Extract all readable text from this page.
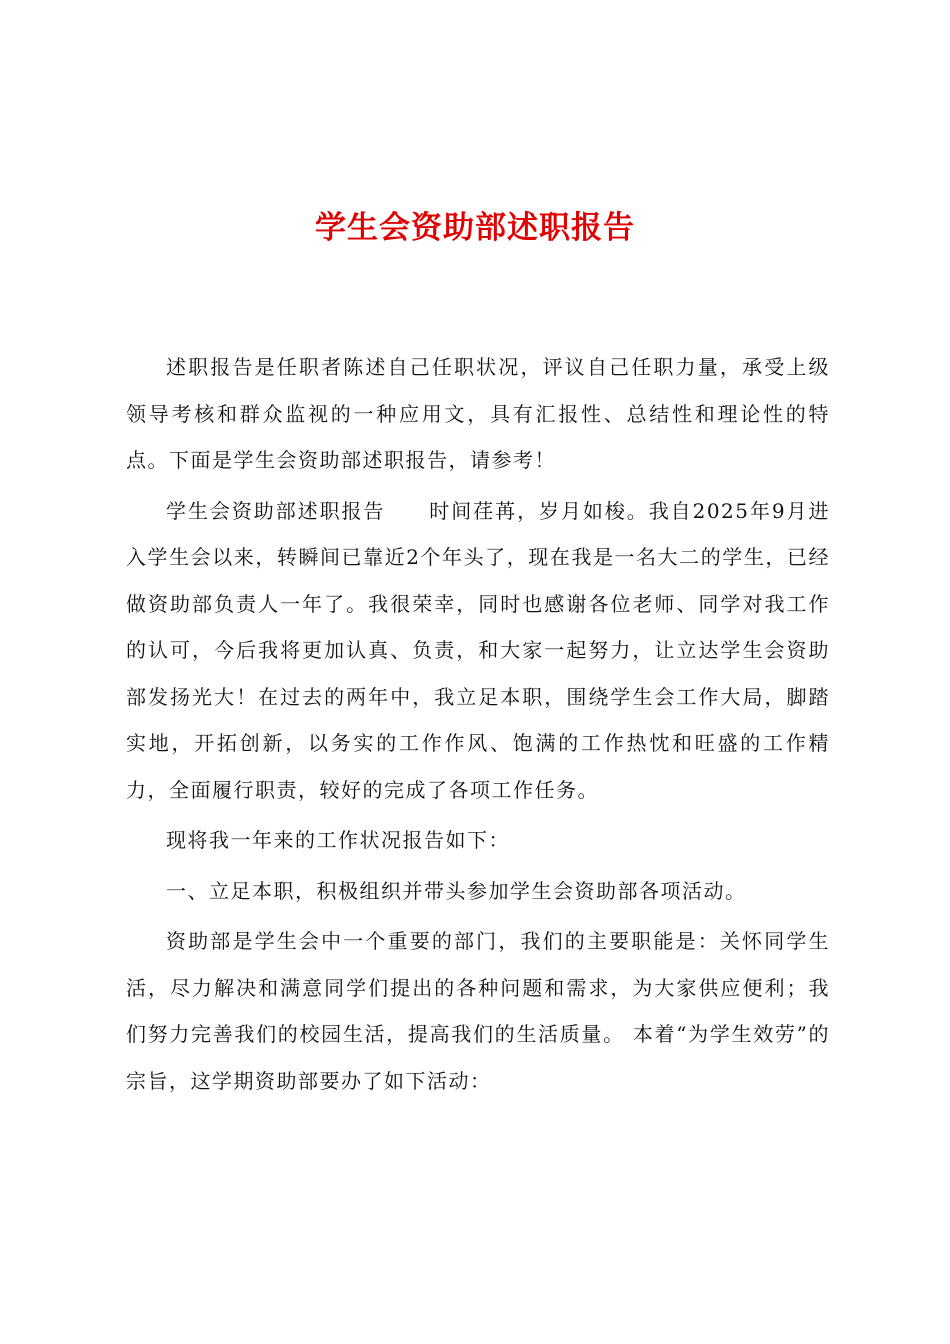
学生会资助部述职报告

述职报告是任职者陈述自己任职状况，评议自己任职力量，承受上级领导考核和群众监视的一种应用文，具有汇报性、总结性和理论性的特点。下面是学生会资助部述职报告，请参考！

学生会资助部述职报告　　时间荏苒，岁月如梭。我自2025年9月进入学生会以来，转瞬间已靠近2个年头了，现在我是一名大二的学生，已经做资助部负责人一年了。我很荣幸，同时也感谢各位老师、同学对我工作的认可，今后我将更加认真、负责，和大家一起努力，让立达学生会资助部发扬光大！在过去的两年中，我立足本职，围绕学生会工作大局，脚踏实地，开拓创新，以务实的工作作风、饱满的工作热忱和旺盛的工作精力，全面履行职责，较好的完成了各项工作任务。

现将我一年来的工作状况报告如下：

一、立足本职，积极组织并带头参加学生会资助部各项活动。

资助部是学生会中一个重要的部门，我们的主要职能是：关怀同学生活，尽力解决和满意同学们提出的各种问题和需求，为大家供应便利；我们努力完善我们的校园生活，提高我们的生活质量。 本着“为学生效劳”的宗旨，这学期资助部要办了如下活动：
